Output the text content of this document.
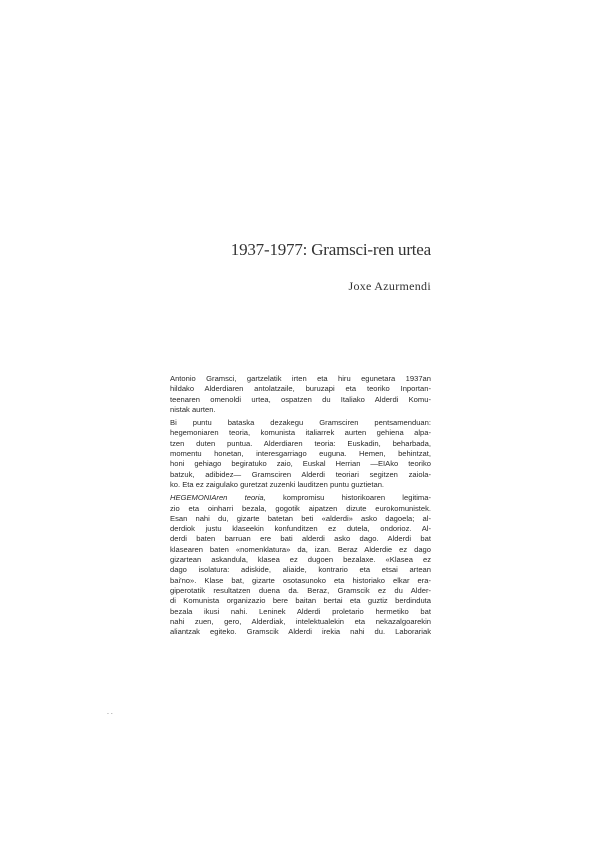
1937-1977: Gramsci-ren urtea
Joxe Azurmendi

Antonio Gramsci, gartzelatik irten eta hiru egunetara 1937an
hildako Alderdiaren antolatzaile, buruzapi eta teoriko Inportan-
teenaren omenoldi urtea, ospatzen du Italiako Alderdi Komu-
nistak aurten.

Bi puntu bataska dezakegu Gramsciren pentsamenduan:
hegemoniaren teoria, komunista italiarrek aurten gehiena alpa-
tzen duten puntua. Alderdiaren teoria: Euskadin, beharbada,
momentu honetan, interesgarriago euguna. Hemen, behintzat,
honi gehiago begiratuko zaio, Euskal Herrian —EIAko teoriko
batzuk, adibidez— Gramsciren Alderdi teoriari segitzen zaiola-
ko. Eta ez zaigulako guretzat zuzenki lauditzen puntu guztietan.

HEGEMONIAren teoria, kompromisu historikoaren legitima-
zio eta oinharri bezala, gogotik aipatzen dizute eurokomunistek.
Esan nahi du, gizarte batetan beti «alderdi» asko dagoela; al-
derdiok justu klaseekin konfunditzen ez dutela, ondorioz. Al-
derdi baten barruan ere bati alderdi asko dago. Alderdi bat
klasearen baten «nomenklatura» da, izan. Beraz Alderdie ez dago
gizartean askandula, klasea ez dugoen bezalaxe. «Klasea ez
dago isolatura: adiskide, aliaide, kontrario eta etsai artean
bai'no». Klase bat, gizarte osotasunoko eta historiako elkar era-
giperotatik resultatzen duena da. Beraz, Gramscik ez du Alder-
di Komunista organizazio bere baitan bertai eta guztiz berdinduta
bezala ikusi nahi. Leninek Alderdi proletario hermetiko bat
nahi zuen, gero, Alderdiak, intelektualekin eta nekazalgoarekin
aliantzak egiteko. Gramscik Alderdi irekia nahi du. Laborariak

. .
